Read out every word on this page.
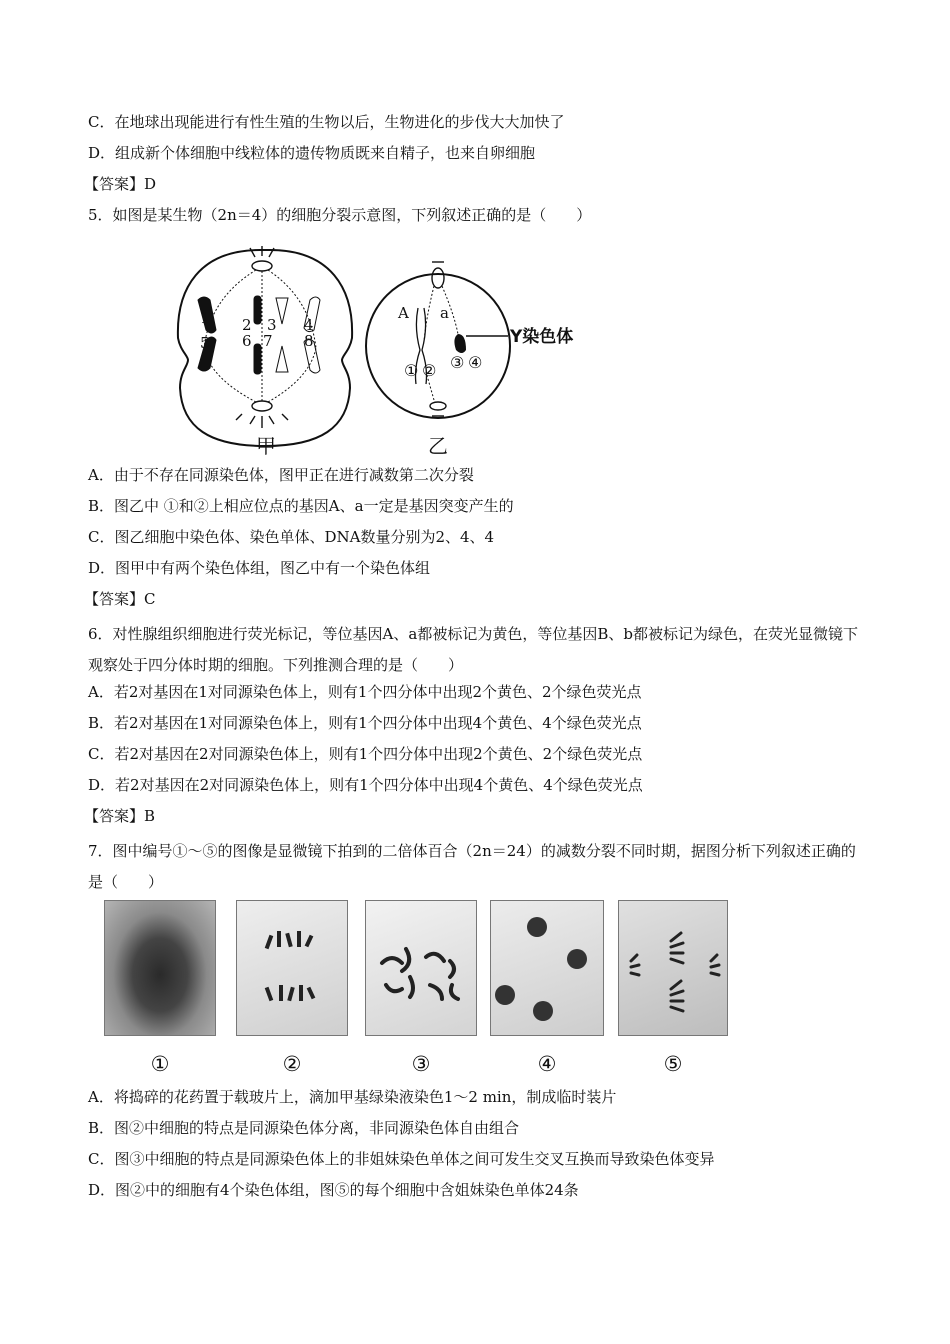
C．在地球出现能进行有性生殖的生物以后，生物进化的步伐大大加快了
D．组成新个体细胞中线粒体的遗传物质既来自精子，也来自卵细胞
【答案】D
5．如图是某生物（2n＝4）的细胞分裂示意图，下列叙述正确的是（　　）
1
5
2
6
3
7
4
8
甲
A a
Y染色体
① ② ③ ④
乙
A．由于不存在同源染色体，图甲正在进行减数第二次分裂
B．图乙中 ①和②上相应位点的基因A、a一定是基因突变产生的
C．图乙细胞中染色体、染色单体、DNA数量分别为2、4、4
D．图甲中有两个染色体组，图乙中有一个染色体组
【答案】C
6．对性腺组织细胞进行荧光标记，等位基因A、a都被标记为黄色，等位基因B、b都被标记为绿色，在荧光显微镜下观察处于四分体时期的细胞。下列推测合理的是（　　）
A．若2对基因在1对同源染色体上，则有1个四分体中出现2个黄色、2个绿色荧光点
B．若2对基因在1对同源染色体上，则有1个四分体中出现4个黄色、4个绿色荧光点
C．若2对基因在2对同源染色体上，则有1个四分体中出现2个黄色、2个绿色荧光点
D．若2对基因在2对同源染色体上，则有1个四分体中出现4个黄色、4个绿色荧光点
【答案】B
7．图中编号①～⑤的图像是显微镜下拍到的二倍体百合（2n＝24）的减数分裂不同时期，据图分析下列叙述正确的是（　　）
①	②	③	④	⑤
A．将捣碎的花药置于载玻片上，滴加甲基绿染液染色1～2 min，制成临时装片
B．图②中细胞的特点是同源染色体分离，非同源染色体自由组合
C．图③中细胞的特点是同源染色体上的非姐妹染色单体之间可发生交叉互换而导致染色体变异
D．图②中的细胞有4个染色体组，图⑤的每个细胞中含姐妹染色单体24条
